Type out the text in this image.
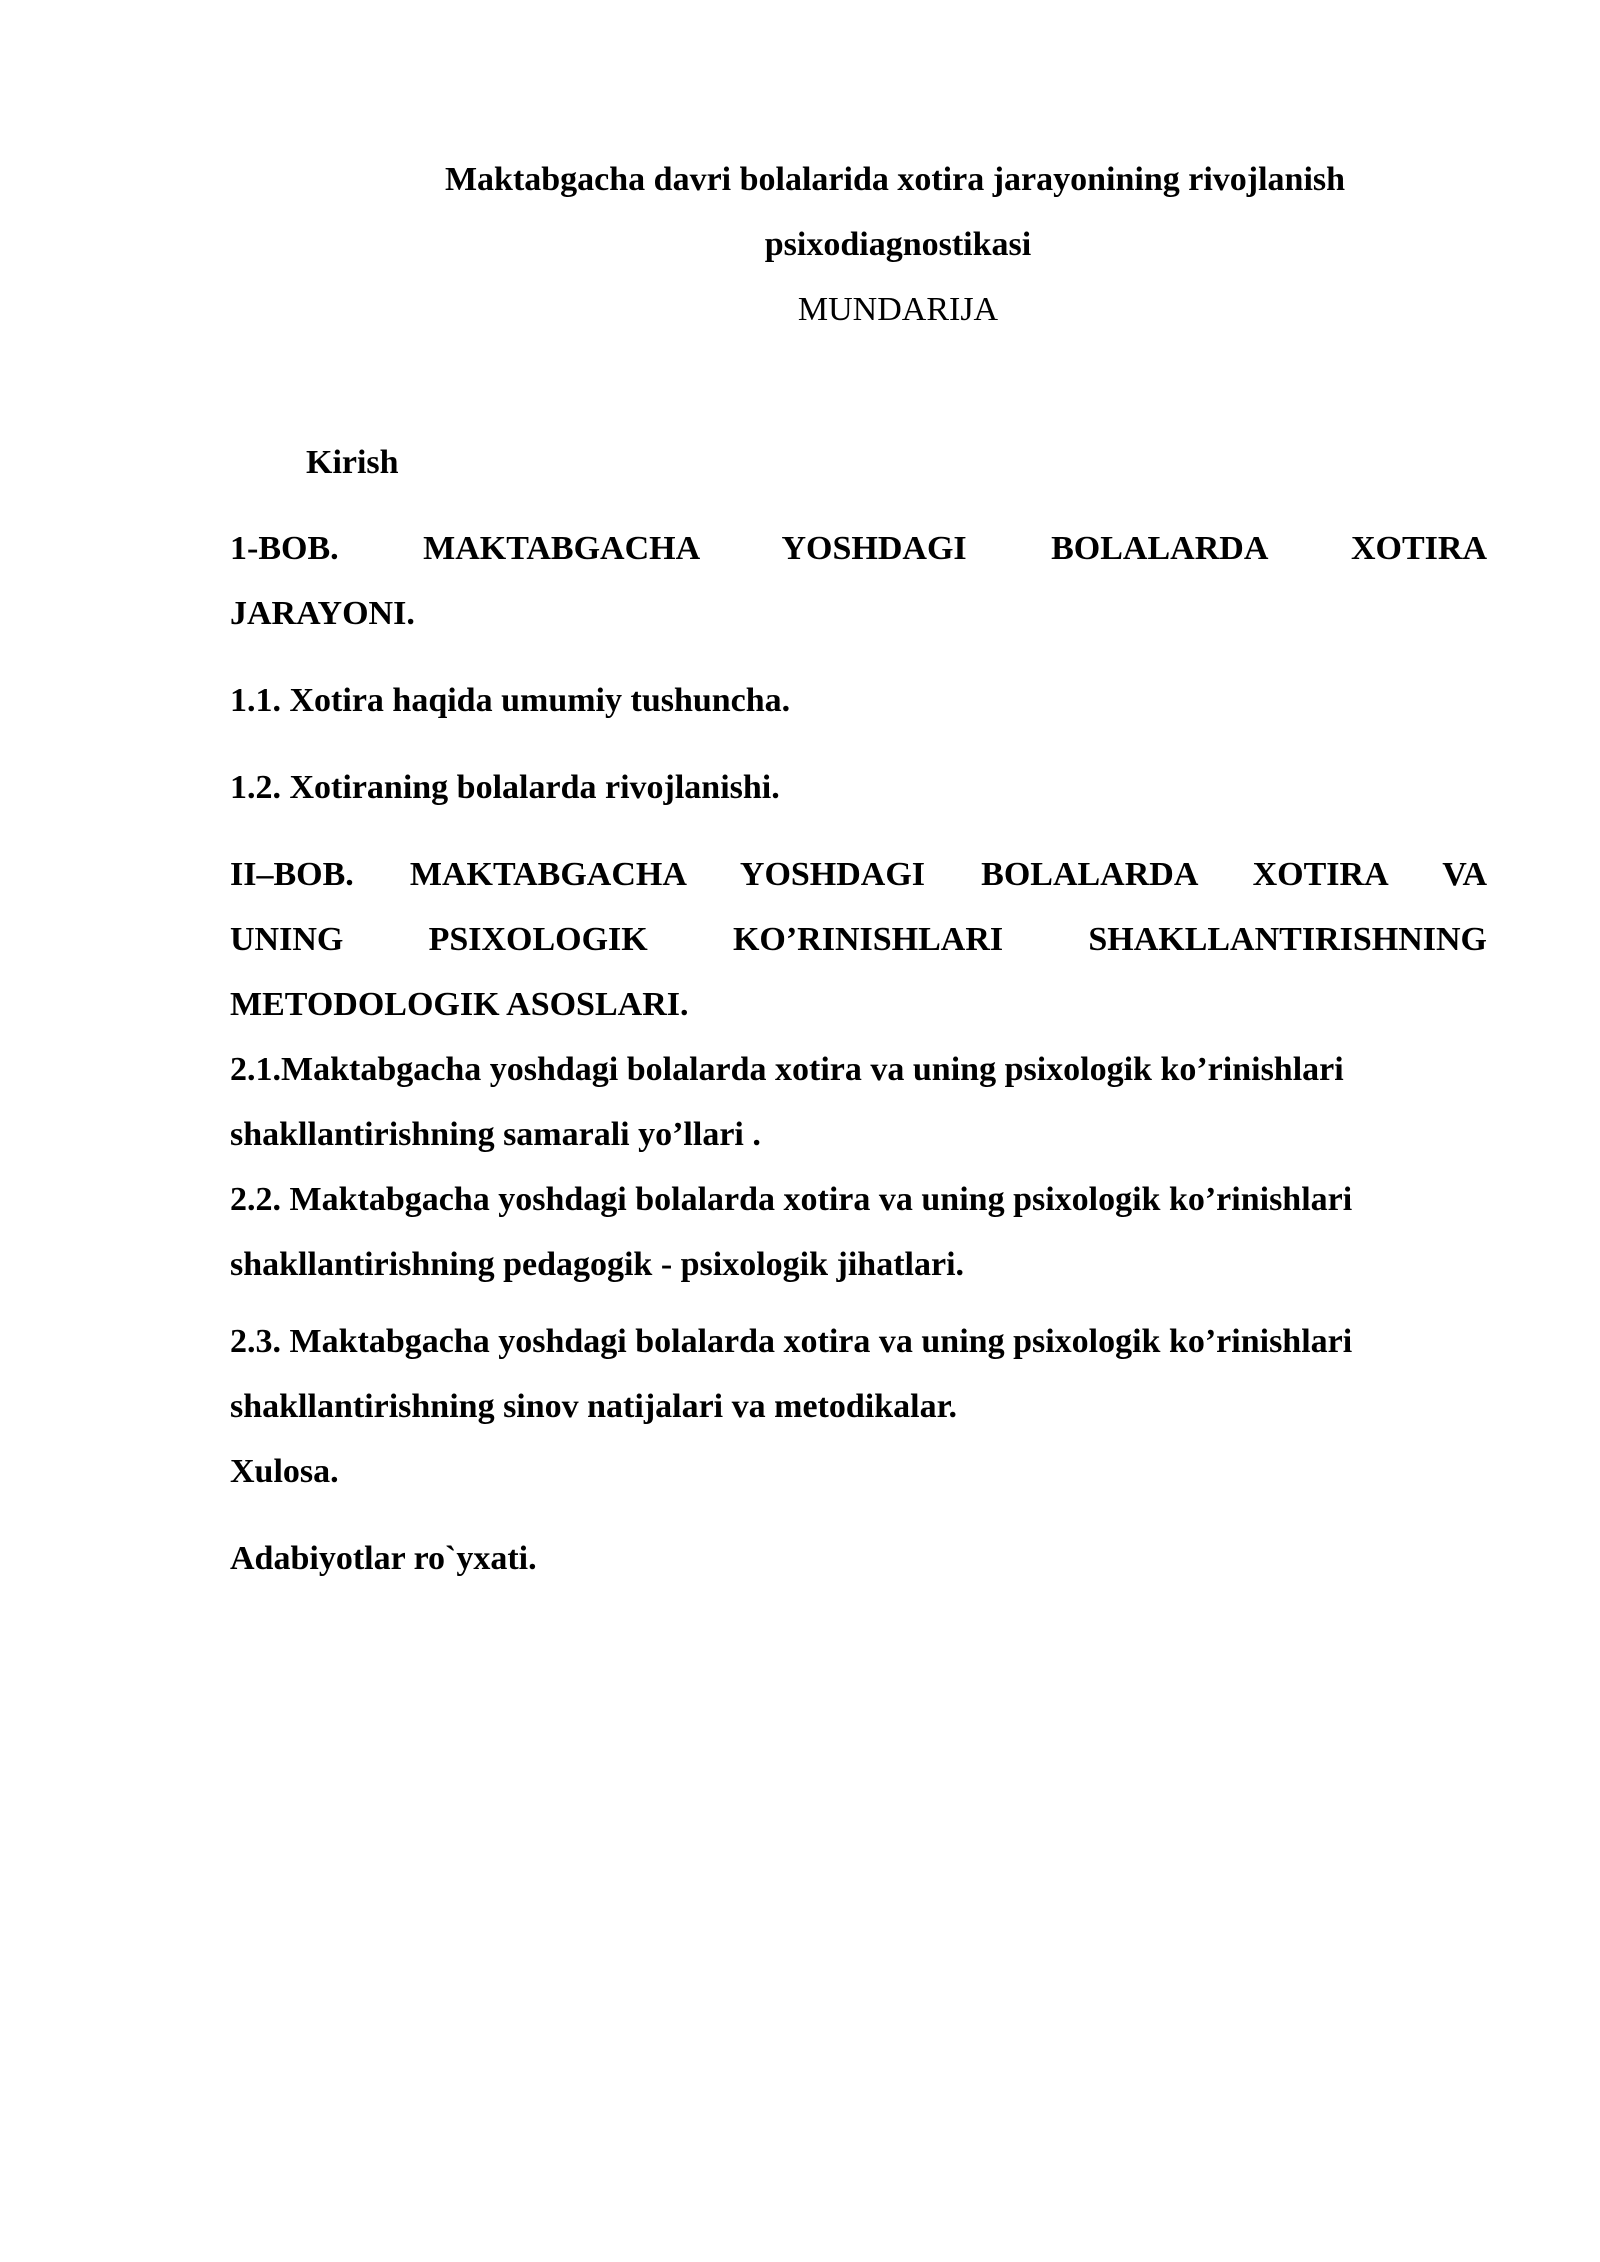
Maktabgacha davri bolalarida xotira jarayonining rivojlanish
psixodiagnostikasi
MUNDARIJA
Kirish
1-BOB. MAKTABGACHA YOSHDAGI BOLALARDA XOTIRA
JARAYONI.
1.1. Xotira haqida umumiy tushuncha.
1.2. Xotiraning bolalarda rivojlanishi.
II–BOB. MAKTABGACHA YOSHDAGI BOLALARDA XOTIRA VA
UNING PSIXOLOGIK KO’RINISHLARI SHAKLLANTIRISHNING
METODOLOGIK ASOSLARI.
2.1.Maktabgacha yoshdagi bolalarda xotira va uning psixologik ko’rinishlari
shakllantirishning samarali yo’llari .
2.2. Maktabgacha yoshdagi bolalarda xotira va uning psixologik ko’rinishlari
shakllantirishning pedagogik - psixologik jihatlari.
2.3. Maktabgacha yoshdagi bolalarda xotira va uning psixologik ko’rinishlari
shakllantirishning sinov natijalari va metodikalar.
Xulosa.
Adabiyotlar ro`yxati.
